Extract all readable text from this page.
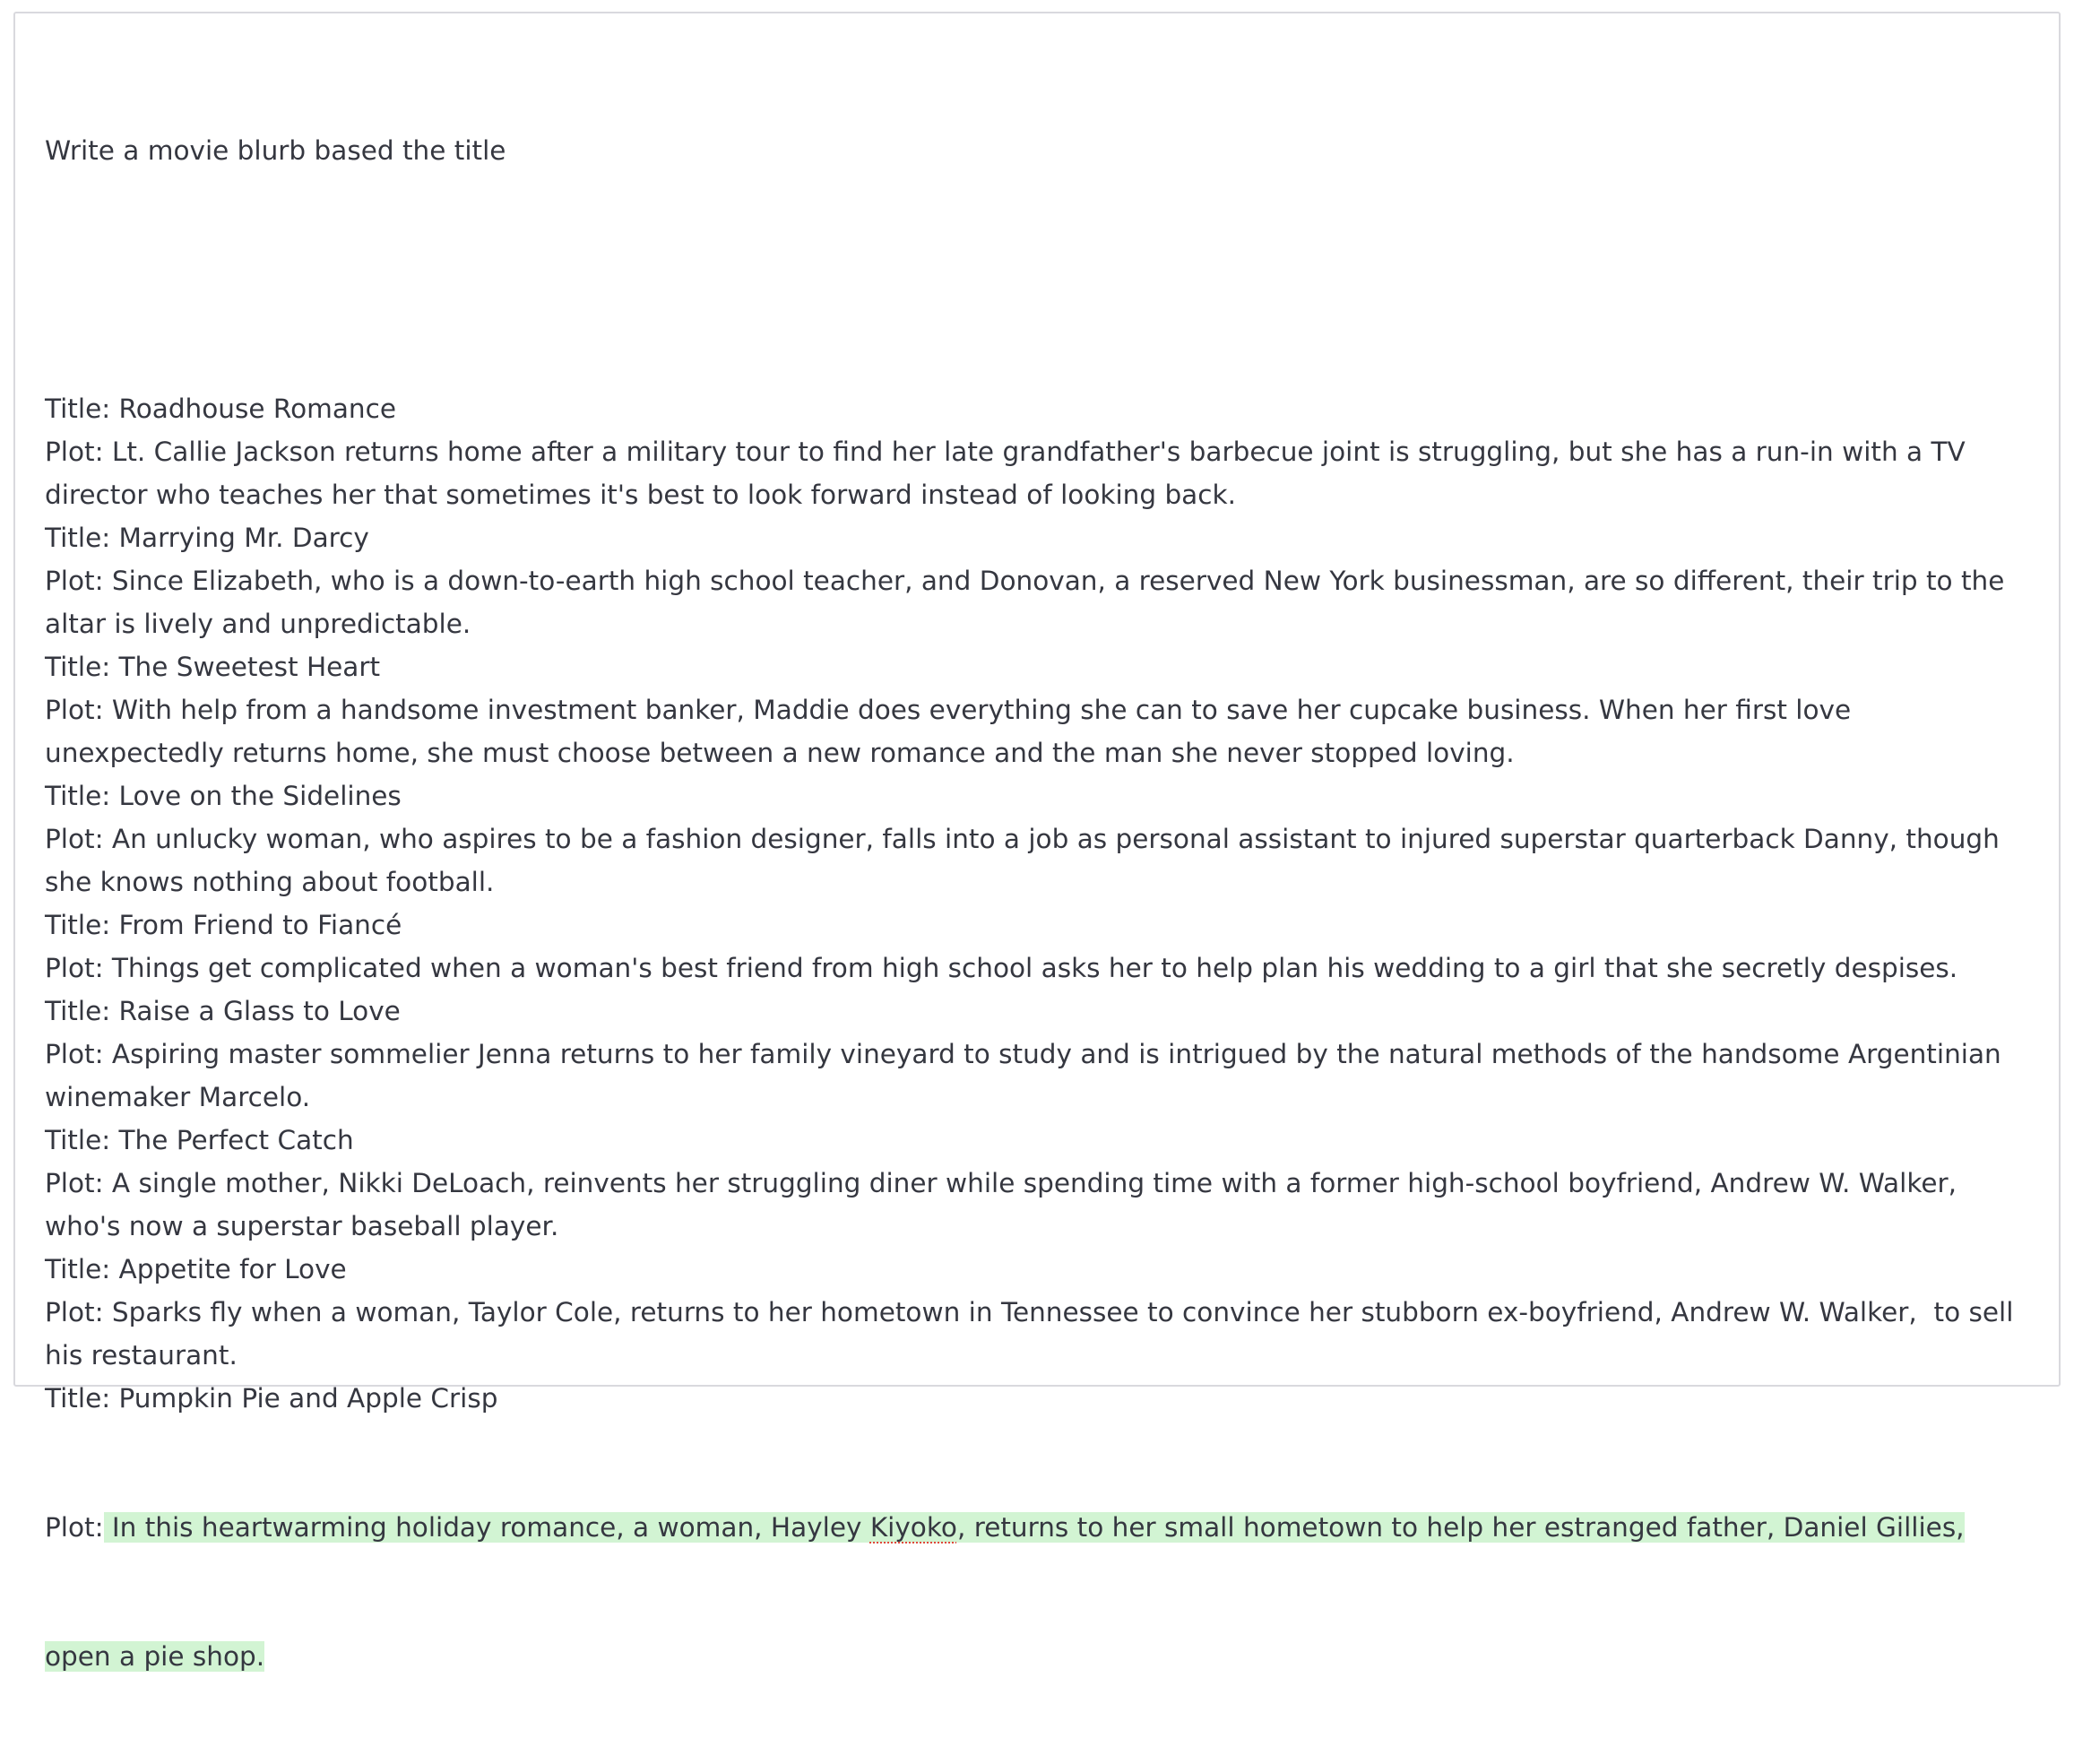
Write a movie blurb based the title

Title: Roadhouse Romance
Plot: Lt. Callie Jackson returns home after a military tour to find her late grandfather's barbecue joint is struggling, but she has a run-in with a TV
director who teaches her that sometimes it's best to look forward instead of looking back.
Title: Marrying Mr. Darcy
Plot: Since Elizabeth, who is a down-to-earth high school teacher, and Donovan, a reserved New York businessman, are so different, their trip to the
altar is lively and unpredictable.
Title: The Sweetest Heart
Plot: With help from a handsome investment banker, Maddie does everything she can to save her cupcake business. When her first love
unexpectedly returns home, she must choose between a new romance and the man she never stopped loving.
Title: Love on the Sidelines
Plot: An unlucky woman, who aspires to be a fashion designer, falls into a job as personal assistant to injured superstar quarterback Danny, though
she knows nothing about football.
Title: From Friend to Fiancé
Plot: Things get complicated when a woman's best friend from high school asks her to help plan his wedding to a girl that she secretly despises.
Title: Raise a Glass to Love
Plot: Aspiring master sommelier Jenna returns to her family vineyard to study and is intrigued by the natural methods of the handsome Argentinian
winemaker Marcelo.
Title: The Perfect Catch
Plot: A single mother, Nikki DeLoach, reinvents her struggling diner while spending time with a former high-school boyfriend, Andrew W. Walker,
who's now a superstar baseball player.
Title: Appetite for Love
Plot: Sparks fly when a woman, Taylor Cole, returns to her hometown in Tennessee to convince her stubborn ex-boyfriend, Andrew W. Walker,  to sell
his restaurant.
Title: Pumpkin Pie and Apple Crisp

Plot: In this heartwarming holiday romance, a woman, Hayley Kiyoko, returns to her small hometown to help her estranged father, Daniel Gillies,

open a pie shop.
